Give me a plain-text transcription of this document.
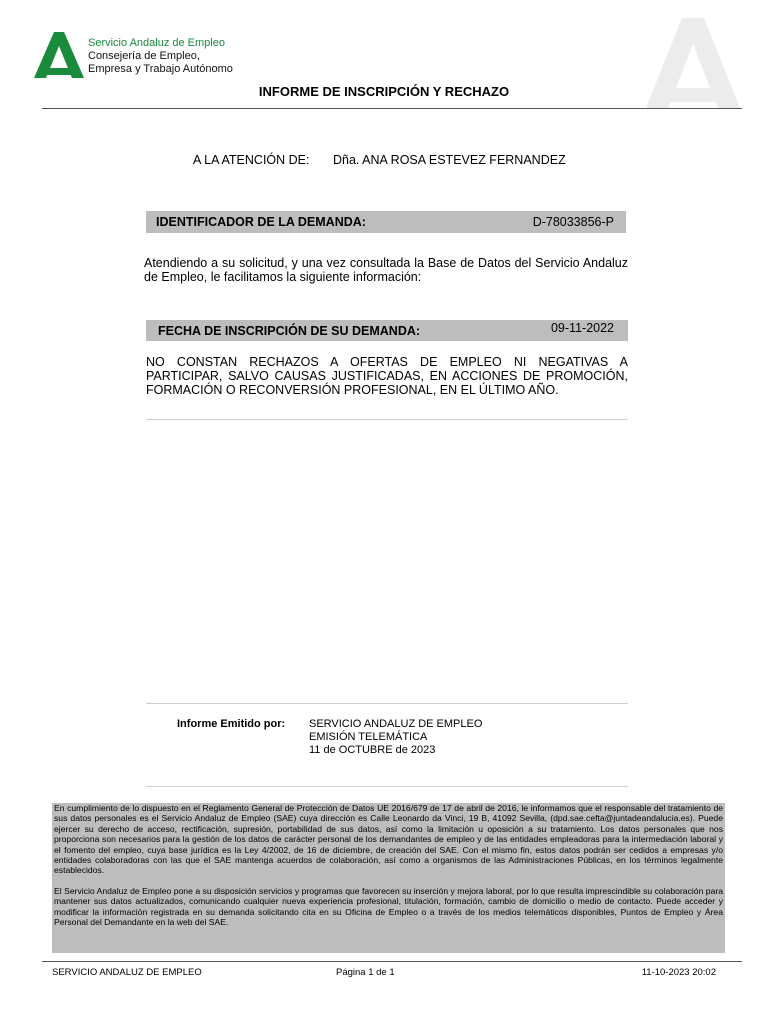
Servicio Andaluz de Empleo
Consejería de Empleo,
Empresa y Trabajo Autónomo
INFORME DE INSCRIPCIÓN Y RECHAZO
A LA ATENCIÓN DE: Dña. ANA ROSA ESTEVEZ FERNANDEZ
IDENTIFICADOR DE LA DEMANDA:	D-78033856-P
Atendiendo a su solicitud, y una vez consultada la Base de Datos del Servicio Andaluz de Empleo, le facilitamos la siguiente información:
FECHA DE INSCRIPCIÓN DE SU DEMANDA:	09-11-2022
NO CONSTAN RECHAZOS A OFERTAS DE EMPLEO NI NEGATIVAS A PARTICIPAR, SALVO CAUSAS JUSTIFICADAS, EN ACCIONES DE PROMOCIÓN, FORMACIÓN O RECONVERSIÓN PROFESIONAL, EN EL ÚLTIMO AÑO.
Informe Emitido por: SERVICIO ANDALUZ DE EMPLEO
EMISIÓN TELEMÁTICA
11 de OCTUBRE de 2023

En cumplimiento de lo dispuesto en el Reglamento General de Protección de Datos UE 2016/679 de 17 de abril de 2016, le informamos que el responsable del tratamiento de sus datos personales es el Servicio Andaluz de Empleo (SAE) cuya dirección es Calle Leonardo da Vinci, 19 B, 41092 Sevilla, (dpd.sae.cefta@juntadeandalucia.es). Puede ejercer su derecho de acceso, rectificación, supresión, portabilidad de sus datos, así como la limitación u oposición a su tratamiento. Los datos personales que nos proporciona son necesarios para la gestión de los datos de carácter personal de los demandantes de empleo y de las entidades empleadoras para la intermediación laboral y el fomento del empleo, cuya base jurídica es la Ley 4/2002, de 16 de diciembre, de creación del SAE. Con el mismo fin, estos datos podrán ser cedidos a empresas y/o entidades colaboradoras con las que el SAE mantenga acuerdos de colaboración, así como a organismos de las Administraciones Públicas, en los términos legalmente establecidos.

El Servicio Andaluz de Empleo pone a su disposición servicios y programas que favorecen su inserción y mejora laboral, por lo que resulta imprescindible su colaboración para mantener sus datos actualizados, comunicando cualquier nueva experiencia profesional, titulación, formación, cambio de domicilio o medio de contacto. Puede acceder y modificar la información registrada en su demanda solicitando cita en su Oficina de Empleo o a través de los medios telemáticos disponibles, Puntos de Empleo y Área Personal del Demandante en la web del SAE.

SERVICIO ANDALUZ DE EMPLEO	Página 1 de 1	11-10-2023 20:02
